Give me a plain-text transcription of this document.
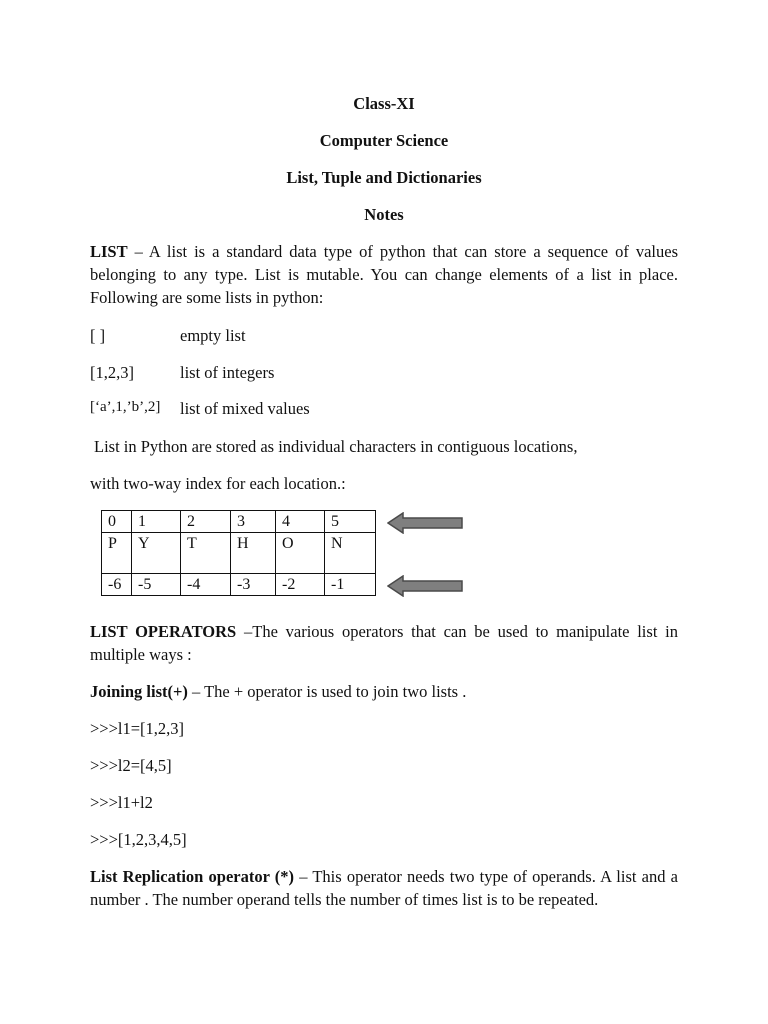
Class-XI
Computer Science
List, Tuple and Dictionaries
Notes
LIST – A list is a standard data type of python that can store a sequence of values belonging to any type. List is mutable. You can change elements of a list in place. Following are some lists in python:
[ ]	empty list
[1,2,3]	list of integers
[‘a’,1,’b’,2] list of mixed values
List in Python are stored as individual characters in contiguous locations,
with two-way index for each location.:
0	1	2	3	4	5
P	Y	T	H	O	N
-6	-5	-4	-3	-2	-1
LIST OPERATORS –The various operators that can be used to manipulate list in multiple ways :
Joining list(+) – The + operator is used to join two lists .
>>>l1=[1,2,3]
>>>l2=[4,5]
>>>l1+l2
>>>[1,2,3,4,5]
List Replication operator (*) – This operator needs two type of operands. A list and a number . The number operand tells the number of times list is to be repeated.
